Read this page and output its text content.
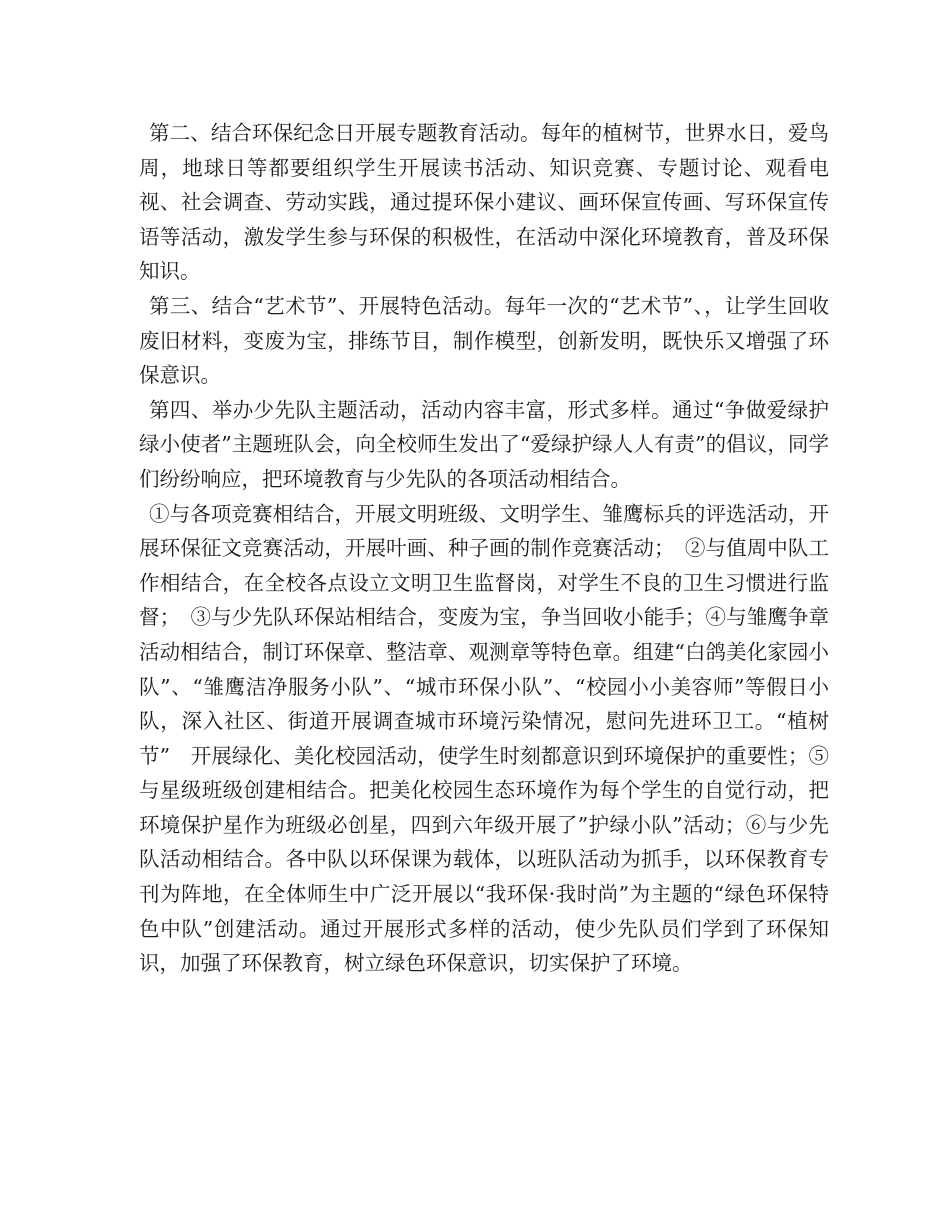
第二、结合环保纪念日开展专题教育活动。每年的植树节，世界水日，爱鸟周，地球日等都要组织学生开展读书活动、知识竞赛、专题讨论、观看电视、社会调查、劳动实践，通过提环保小建议、画环保宣传画、写环保宣传语等活动，激发学生参与环保的积极性，在活动中深化环境教育，普及环保知识。

第三、结合“艺术节”、开展特色活动。每年一次的“艺术节”、，让学生回收废旧材料，变废为宝，排练节目，制作模型，创新发明，既快乐又增强了环保意识。

第四、举办少先队主题活动，活动内容丰富，形式多样。通过“争做爱绿护绿小使者”主题班队会，向全校师生发出了“爱绿护绿人人有责”的倡议，同学们纷纷响应，把环境教育与少先队的各项活动相结合。

①与各项竞赛相结合，开展文明班级、文明学生、雏鹰标兵的评选活动，开展环保征文竞赛活动，开展叶画、种子画的制作竞赛活动；　②与值周中队工作相结合，在全校各点设立文明卫生监督岗，对学生不良的卫生习惯进行监督；　③与少先队环保站相结合，变废为宝，争当回收小能手；④与雏鹰争章活动相结合，制订环保章、整洁章、观测章等特色章。组建“白鸽美化家园小队”、“雏鹰洁净服务小队”、“城市环保小队”、“校园小小美容师”等假日小队，深入社区、街道开展调查城市环境污染情况，慰问先进环卫工。“植树节”　开展绿化、美化校园活动，使学生时刻都意识到环境保护的重要性；⑤与星级班级创建相结合。把美化校园生态环境作为每个学生的自觉行动，把环境保护星作为班级必创星，四到六年级开展了”护绿小队”活动；⑥与少先队活动相结合。各中队以环保课为载体，以班队活动为抓手，以环保教育专刊为阵地，在全体师生中广泛开展以“我环保·我时尚”为主题的“绿色环保特色中队”创建活动。通过开展形式多样的活动，使少先队员们学到了环保知识，加强了环保教育，树立绿色环保意识，切实保护了环境。
